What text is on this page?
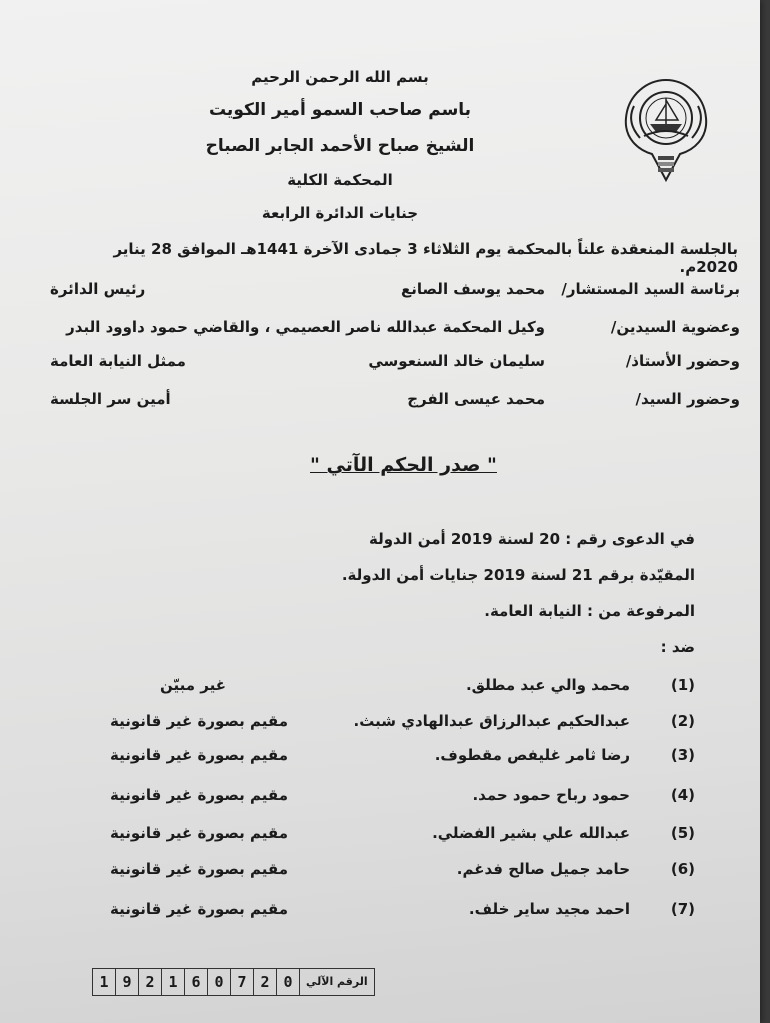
بسم الله الرحمن الرحيم
باسم صاحب السمو أمير الكويت
الشيخ صباح الأحمد الجابر الصباح
المحكمة الكلية
جنايات الدائرة الرابعة
بالجلسة المنعقدة علناً بالمحكمة يوم الثلاثاء 3 جمادى الآخرة 1441هـ الموافق 28 يناير 2020م.
برئاسة السيد المستشار/
محمد يوسف الصانع
رئيس الدائرة
وعضوية السيدين/
وكيل المحكمة عبدالله ناصر العصيمي ، والقاضي حمود داوود البدر
وحضور الأستاذ/
سليمان خالد السنعوسي
ممثل النيابة العامة
وحضور السيد/
محمد عيسى الفرج
أمين سر الجلسة
" صدر الحكم الآتي "
في الدعوى رقم : 20 لسنة 2019 أمن الدولة
المقيّدة برقم 21 لسنة 2019 جنايات أمن الدولة.
المرفوعة من : النيابة العامة.
ضد :
(1)
محمد والي عبد مطلق.
غير مبيّن
(2)
عبدالحكيم عبدالرزاق عبدالهادي شبث.
مقيم بصورة غير قانونية
(3)
رضا ثامر غليفص مقطوف.
مقيم بصورة غير قانونية
(4)
حمود رباح حمود حمد.
مقيم بصورة غير قانونية
(5)
عبدالله علي بشير الفضلي.
مقيم بصورة غير قانونية
(6)
حامد جميل صالح فدغم.
مقيم بصورة غير قانونية
(7)
احمد مجيد ساير خلف.
مقيم بصورة غير قانونية
الرقم الآلي
0
2
7
0
6
1
2
9
1
